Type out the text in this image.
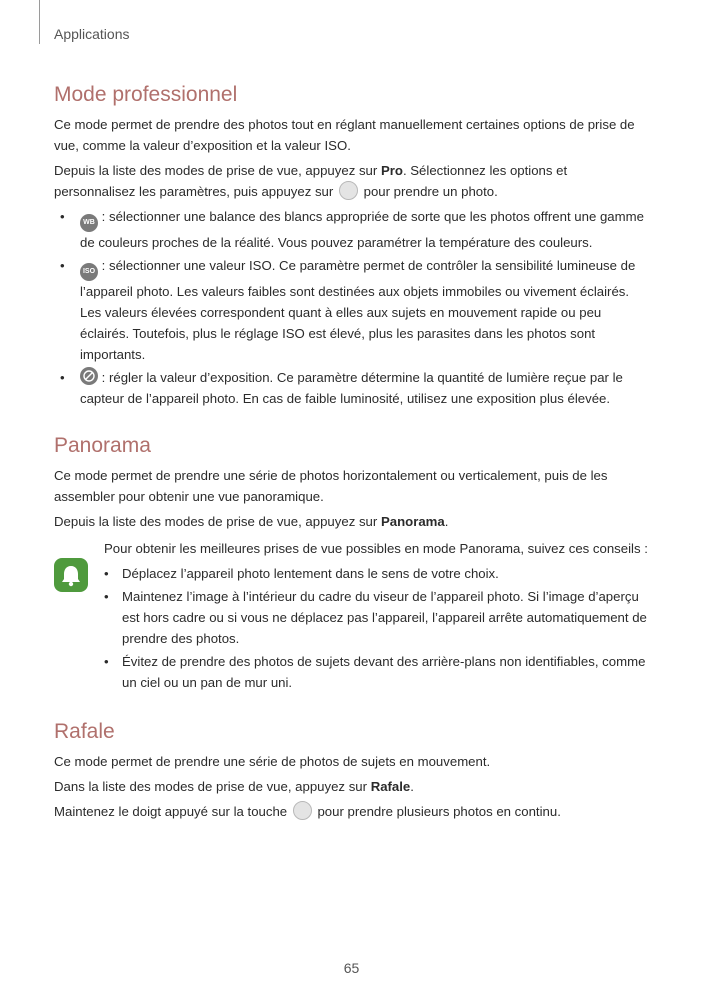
Applications
Mode professionnel

Ce mode permet de prendre des photos tout en réglant manuellement certaines options de prise de vue, comme la valeur d’exposition et la valeur ISO.

Depuis la liste des modes de prise de vue, appuyez sur Pro. Sélectionnez les options et personnalisez les paramètres, puis appuyez sur  pour prendre un photo.

•	WB : sélectionner une balance des blancs appropriée de sorte que les photos offrent une gamme de couleurs proches de la réalité. Vous pouvez paramétrer la température des couleurs.
•	ISO : sélectionner une valeur ISO. Ce paramètre permet de contrôler la sensibilité lumineuse de l’appareil photo. Les valeurs faibles sont destinées aux objets immobiles ou vivement éclairés. Les valeurs élevées correspondent quant à elles aux sujets en mouvement rapide ou peu éclairés. Toutefois, plus le réglage ISO est élevé, plus les parasites dans les photos sont importants.
•	: régler la valeur d’exposition. Ce paramètre détermine la quantité de lumière reçue par le capteur de l’appareil photo. En cas de faible luminosité, utilisez une exposition plus élevée.
Panorama

Ce mode permet de prendre une série de photos horizontalement ou verticalement, puis de les assembler pour obtenir une vue panoramique.

Depuis la liste des modes de prise de vue, appuyez sur Panorama.

Pour obtenir les meilleures prises de vue possibles en mode Panorama, suivez ces conseils :
• Déplacez l’appareil photo lentement dans le sens de votre choix.
• Maintenez l’image à l’intérieur du cadre du viseur de l’appareil photo. Si l’image d’aperçu est hors cadre ou si vous ne déplacez pas l’appareil, l’appareil arrête automatiquement de prendre des photos.
• Évitez de prendre des photos de sujets devant des arrière-plans non identifiables, comme un ciel ou un pan de mur uni.
Rafale

Ce mode permet de prendre une série de photos de sujets en mouvement.

Dans la liste des modes de prise de vue, appuyez sur Rafale.

Maintenez le doigt appuyé sur la touche  pour prendre plusieurs photos en continu.

65
